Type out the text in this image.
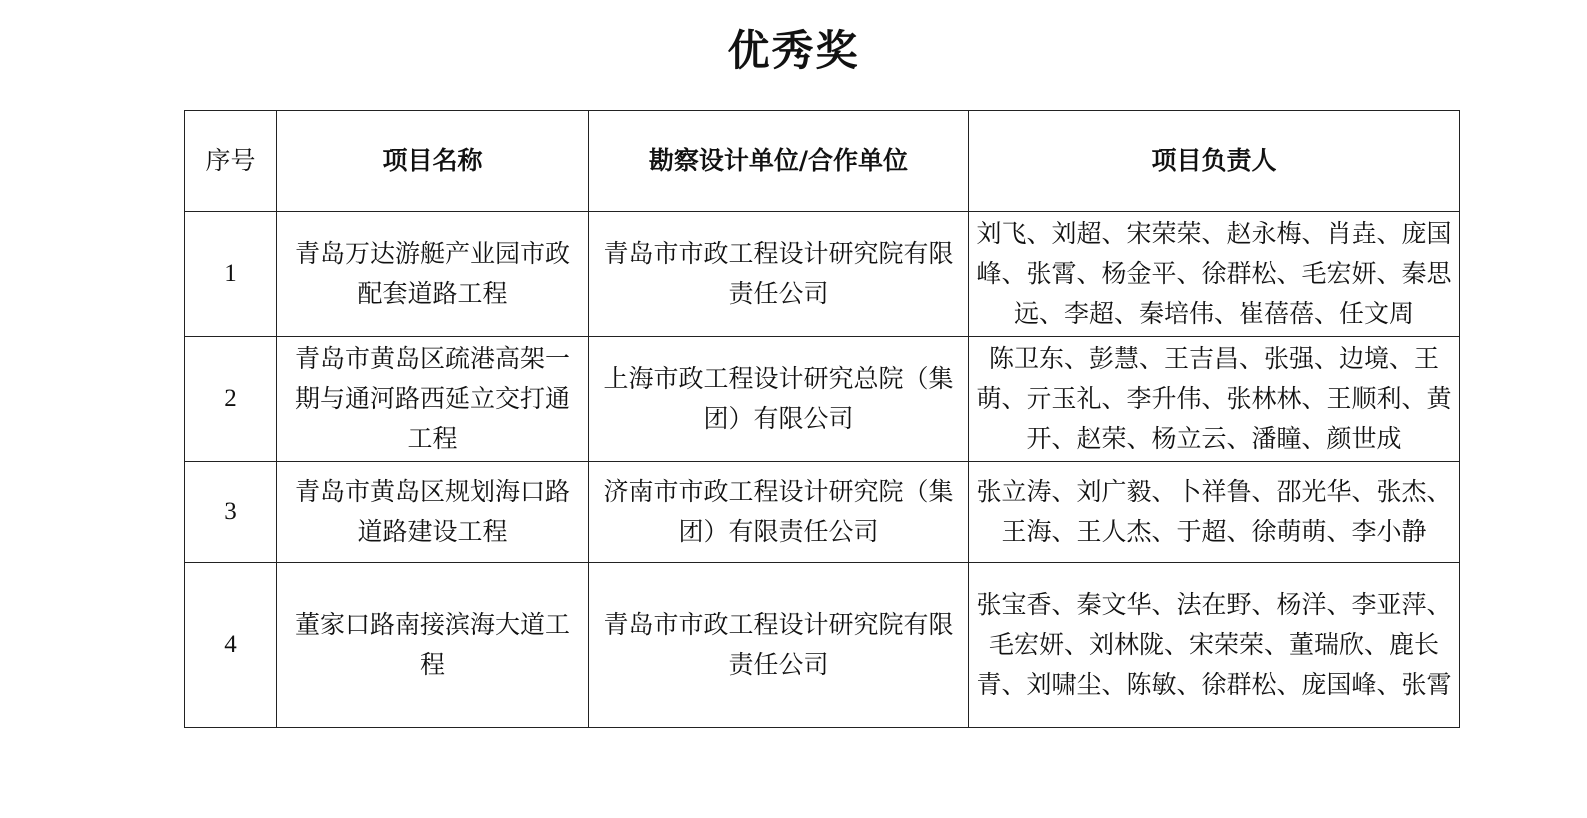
优秀奖
序号	项目名称	勘察设计单位/合作单位	项目负责人
1	青岛万达游艇产业园市政配套道路工程	青岛市市政工程设计研究院有限责任公司	刘飞、刘超、宋荣荣、赵永梅、肖垚、庞国峰、张霄、杨金平、徐群松、毛宏妍、秦思远、李超、秦培伟、崔蓓蓓、任文周
2	青岛市黄岛区疏港高架一期与通河路西延立交打通工程	上海市政工程设计研究总院（集团）有限公司	陈卫东、彭慧、王吉昌、张强、边境、王萌、亓玉礼、李升伟、张林林、王顺利、黄开、赵荣、杨立云、潘瞳、颜世成
3	青岛市黄岛区规划海口路道路建设工程	济南市市政工程设计研究院（集团）有限责任公司	张立涛、刘广毅、卜祥鲁、邵光华、张杰、王海、王人杰、于超、徐萌萌、李小静
4	董家口路南接滨海大道工程	青岛市市政工程设计研究院有限责任公司	张宝香、秦文华、法在野、杨洋、李亚萍、毛宏妍、刘林陇、宋荣荣、董瑞欣、鹿长青、刘啸尘、陈敏、徐群松、庞国峰、张霄
